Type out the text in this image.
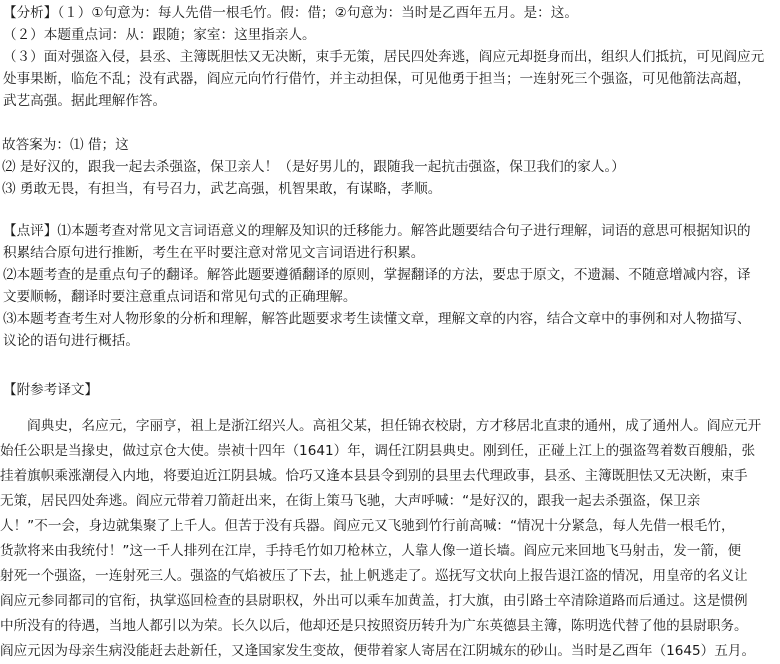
【分析】（１）①句意为：每人先借一根毛竹。假：借；②句意为：当时是乙酉年五月。是：这。
（２）本题重点词：从：跟随；家室：这里指亲人。
（３）面对强盗入侵，县丞、主簿既胆怯又无决断，束手无策，居民四处奔逃，阎应元却挺身而出，组织人们抵抗，可见阎应元
处事果断，临危不乱；没有武器，阎应元向竹行借竹，并主动担保，可见他勇于担当；一连射死三个强盗，可见他箭法高超，
武艺高强。据此理解作答。
故答案为：⑴ 借；这
⑵ 是好汉的，跟我一起去杀强盗，保卫亲人！（是好男儿的，跟随我一起抗击强盗，保卫我们的家人。）
⑶ 勇敢无畏，有担当，有号召力，武艺高强，机智果敢，有谋略，孝顺。
【点评】⑴本题考查对常见文言词语意义的理解及知识的迁移能力。解答此题要结合句子进行理解，词语的意思可根据知识的
积累结合原句进行推断，考生在平时要注意对常见文言词语进行积累。
⑵本题考查的是重点句子的翻译。解答此题要遵循翻译的原则，掌握翻译的方法，要忠于原文，不遗漏、不随意增减内容，译
文要顺畅，翻译时要注意重点词语和常见句式的正确理解。
⑶本题考查考生对人物形象的分析和理解，解答此题要求考生读懂文章，理解文章的内容，结合文章中的事例和对人物描写、
议论的语句进行概括。
【附参考译文】
　　阎典史，名应元，字丽亨，祖上是浙江绍兴人。高祖父某，担任锦衣校尉，方才移居北直隶的通州，成了通州人。阎应元开
始任公职是当掾史，做过京仓大使。崇祯十四年（1641）年，调任江阴县典史。刚到任，正碰上江上的强盗驾着数百艘船，张
挂着旗帜乘涨潮侵入内地，将要迫近江阴县城。恰巧又逢本县县令到别的县里去代理政事，县丞、主簿既胆怯又无决断，束手
无策，居民四处奔逃。阎应元带着刀箭赶出来，在街上策马飞驰，大声呼喊：“是好汉的，跟我一起去杀强盗，保卫亲
人！”不一会，身边就集聚了上千人。但苦于没有兵器。阎应元又飞驰到竹行前高喊：“情况十分紧急，每人先借一根毛竹，
货款将来由我统付！”这一千人排列在江岸，手持毛竹如刀枪林立，人靠人像一道长墙。阎应元来回地飞马射击，发一箭，便
射死一个强盗，一连射死三人。强盗的气焰被压了下去，扯上帆逃走了。巡抚写文状向上报告退江盗的情况，用皇帝的名义让
阎应元参同都司的官衔，执掌巡回检查的县尉职权，外出可以乘车加黄盖，打大旗，由引路士卒清除道路而后通过。这是惯例
中所没有的待遇，当地人都引以为荣。长久以后，他却还是只按照资历转升为广东英德县主簿，陈明选代替了他的县尉职务。
阎应元因为母亲生病没能赶去赴新任，又逢国家发生变故，便带着家人寄居在江阴城东的砂山。当时是乙酉年（1645）五月。
